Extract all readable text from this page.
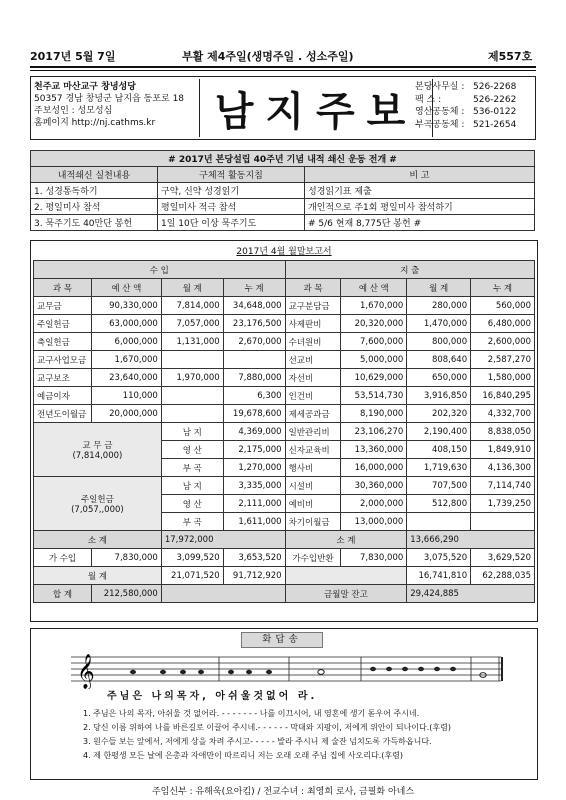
2017년 5월 7일	부활 제4주일(생명주일 . 성소주일)	제557호
천주교 마산교구 창녕성당
50357 경남 창녕군 남지읍 동포로 18
주보성인 : 성모성심
홈페이지 http://nj.cathms.kr	남지주보
본당사무실 : 526-2268
팩 스 :	526-2262
영산공동체 : 536-0122
부곡공동체 : 521-2654
# 2017년 본당설립 40주년 기념 내적 쇄신 운동 전개 #		
내적쇄신 실천내용	구체적 활동지침	비 고
1. 성경통독하기	구약, 신약 성경읽기	성경읽기표 제출
2. 평일미사 참석	평일미사 적극 참석	개인적으로 주1회 평일미사 참석하기
3. 묵주기도 40만단 봉헌	1일 10단 이상 묵주기도	# 5/6 현재 8,775단 봉헌 #
2017년 4월 월말보고서
수 입				지 출			
과 목	예 산 액	월 계	누 계	과 목	예 산 액	월 계	누 계
교무금	90,330,000	7,814,000	34,648,000	교구분담금	1,670,000	280,000	560,000
주일헌금	63,000,000	7,057,000	23,176,500	사제판비	20,320,000	1,470,000	6,480,000
축일헌금	6,000,000	1,131,000	2,670,000	수녀원비	7,600,000	800,000	2,600,000
교구사업모금	1,670,000			선교비	5,000,000	808,640	2,587,270
교구보조	23,640,000	1,970,000	7,880,000	자선비	10,629,000	650,000	1,580,000
예금이자	110,000		6,300	인건비	53,514,730	3,916,850	16,840,295
전년도이월금	20,000,000		19,678,600	제세공과금	8,190,000	202,320	4,332,700

교 무 금
(7,814,000)		남 지	4,369,000	일반관리비	23,106,270	2,190,400	8,838,050
		영 산	2,175,000	신자교육비	13,360,000	408,150	1,849,910
		부 곡	1,270,000	행사비	16,000,000	1,719,630	4,136,300

주일헌금
(7,057,,000)		남 지	3,335,000	시설비	30,360,000	707,500	7,114,740
		영 산	2,111,000	예비비	2,000,000	512,800	1,739,250
		부 곡	1,611,000	차기이월금	13,000,000		
소 계		17,972,000		소 계		13,666,290	
가 수입	7,830,000	3,099,520	3,653,520	가수입반환	7,830,000	3,075,520	3,629,520
월 계		21,071,520	91,712,920			16,741,810	62,288,035
합 계	212,580,000			금월말 잔고		29,424,885	
화답송
𝄞
주님은 나의목자, 아쉬울것없어 라.
1. 주님은 나의 목자, 아쉬울 것 없어라. - - - - - - - 나를 이끄시어, 내 영혼에 생기 돋우어 주시네.
2. 당신 이름 위하여 나를 바른길로 이끌어 주시네.- - - - - - 막대와 지팡이, 저에게 위안이 되나이다.(후렴)
3. 원수들 보는 앞에서, 저에게 상을 차려 주시고- - - - - 발라 주시니 제 술잔 넘치도록 가득하옵니다.
4. 제 한평생 모든 날에 은총과 자애만이 따르리니 저는 오래 오래 주님 집에 사오리다.(후렴)
주임신부 : 유해욱(요아킴) / 전교수녀 : 최영희 로사, 금필화 아네스
